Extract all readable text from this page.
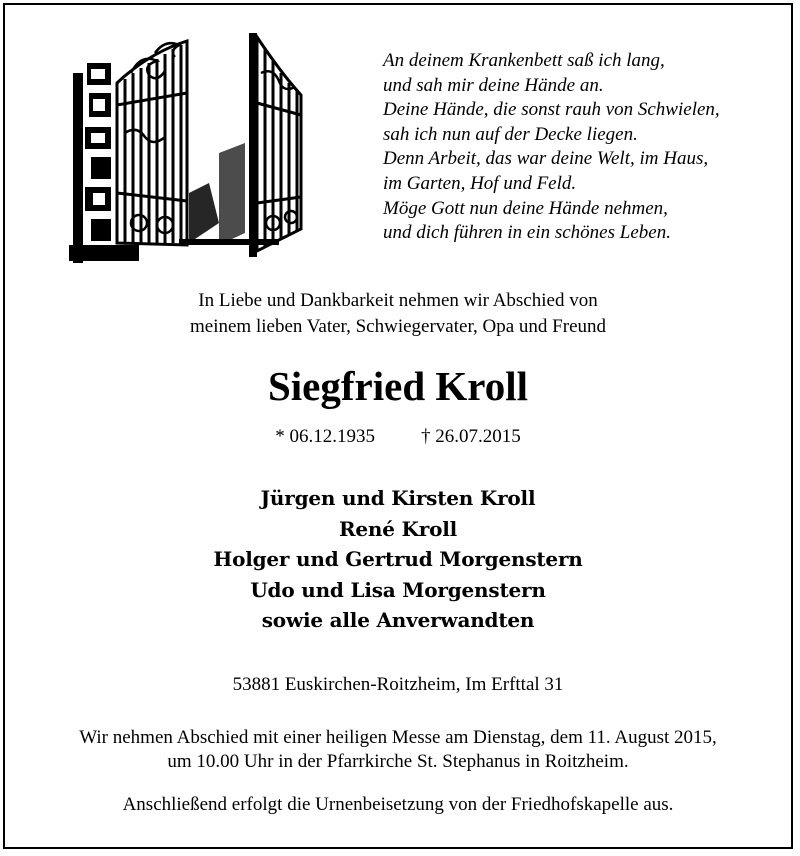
An deinem Krankenbett saß ich lang,
und sah mir deine Hände an.
Deine Hände, die sonst rauh von Schwielen,
sah ich nun auf der Decke liegen.
Denn Arbeit, das war deine Welt, im Haus,
im Garten, Hof und Feld.
Möge Gott nun deine Hände nehmen,
und dich führen in ein schönes Leben.
In Liebe und Dankbarkeit nehmen wir Abschied von
meinem lieben Vater, Schwiegervater, Opa und Freund
Siegfried Kroll
* 06.12.1935 † 26.07.2015
Jürgen und Kirsten Kroll
René Kroll
Holger und Gertrud Morgenstern
Udo und Lisa Morgenstern
sowie alle Anverwandten
53881 Euskirchen-Roitzheim, Im Erfttal 31
Wir nehmen Abschied mit einer heiligen Messe am Dienstag, dem 11. August 2015,
um 10.00 Uhr in der Pfarrkirche St. Stephanus in Roitzheim.
Anschließend erfolgt die Urnenbeisetzung von der Friedhofskapelle aus.
